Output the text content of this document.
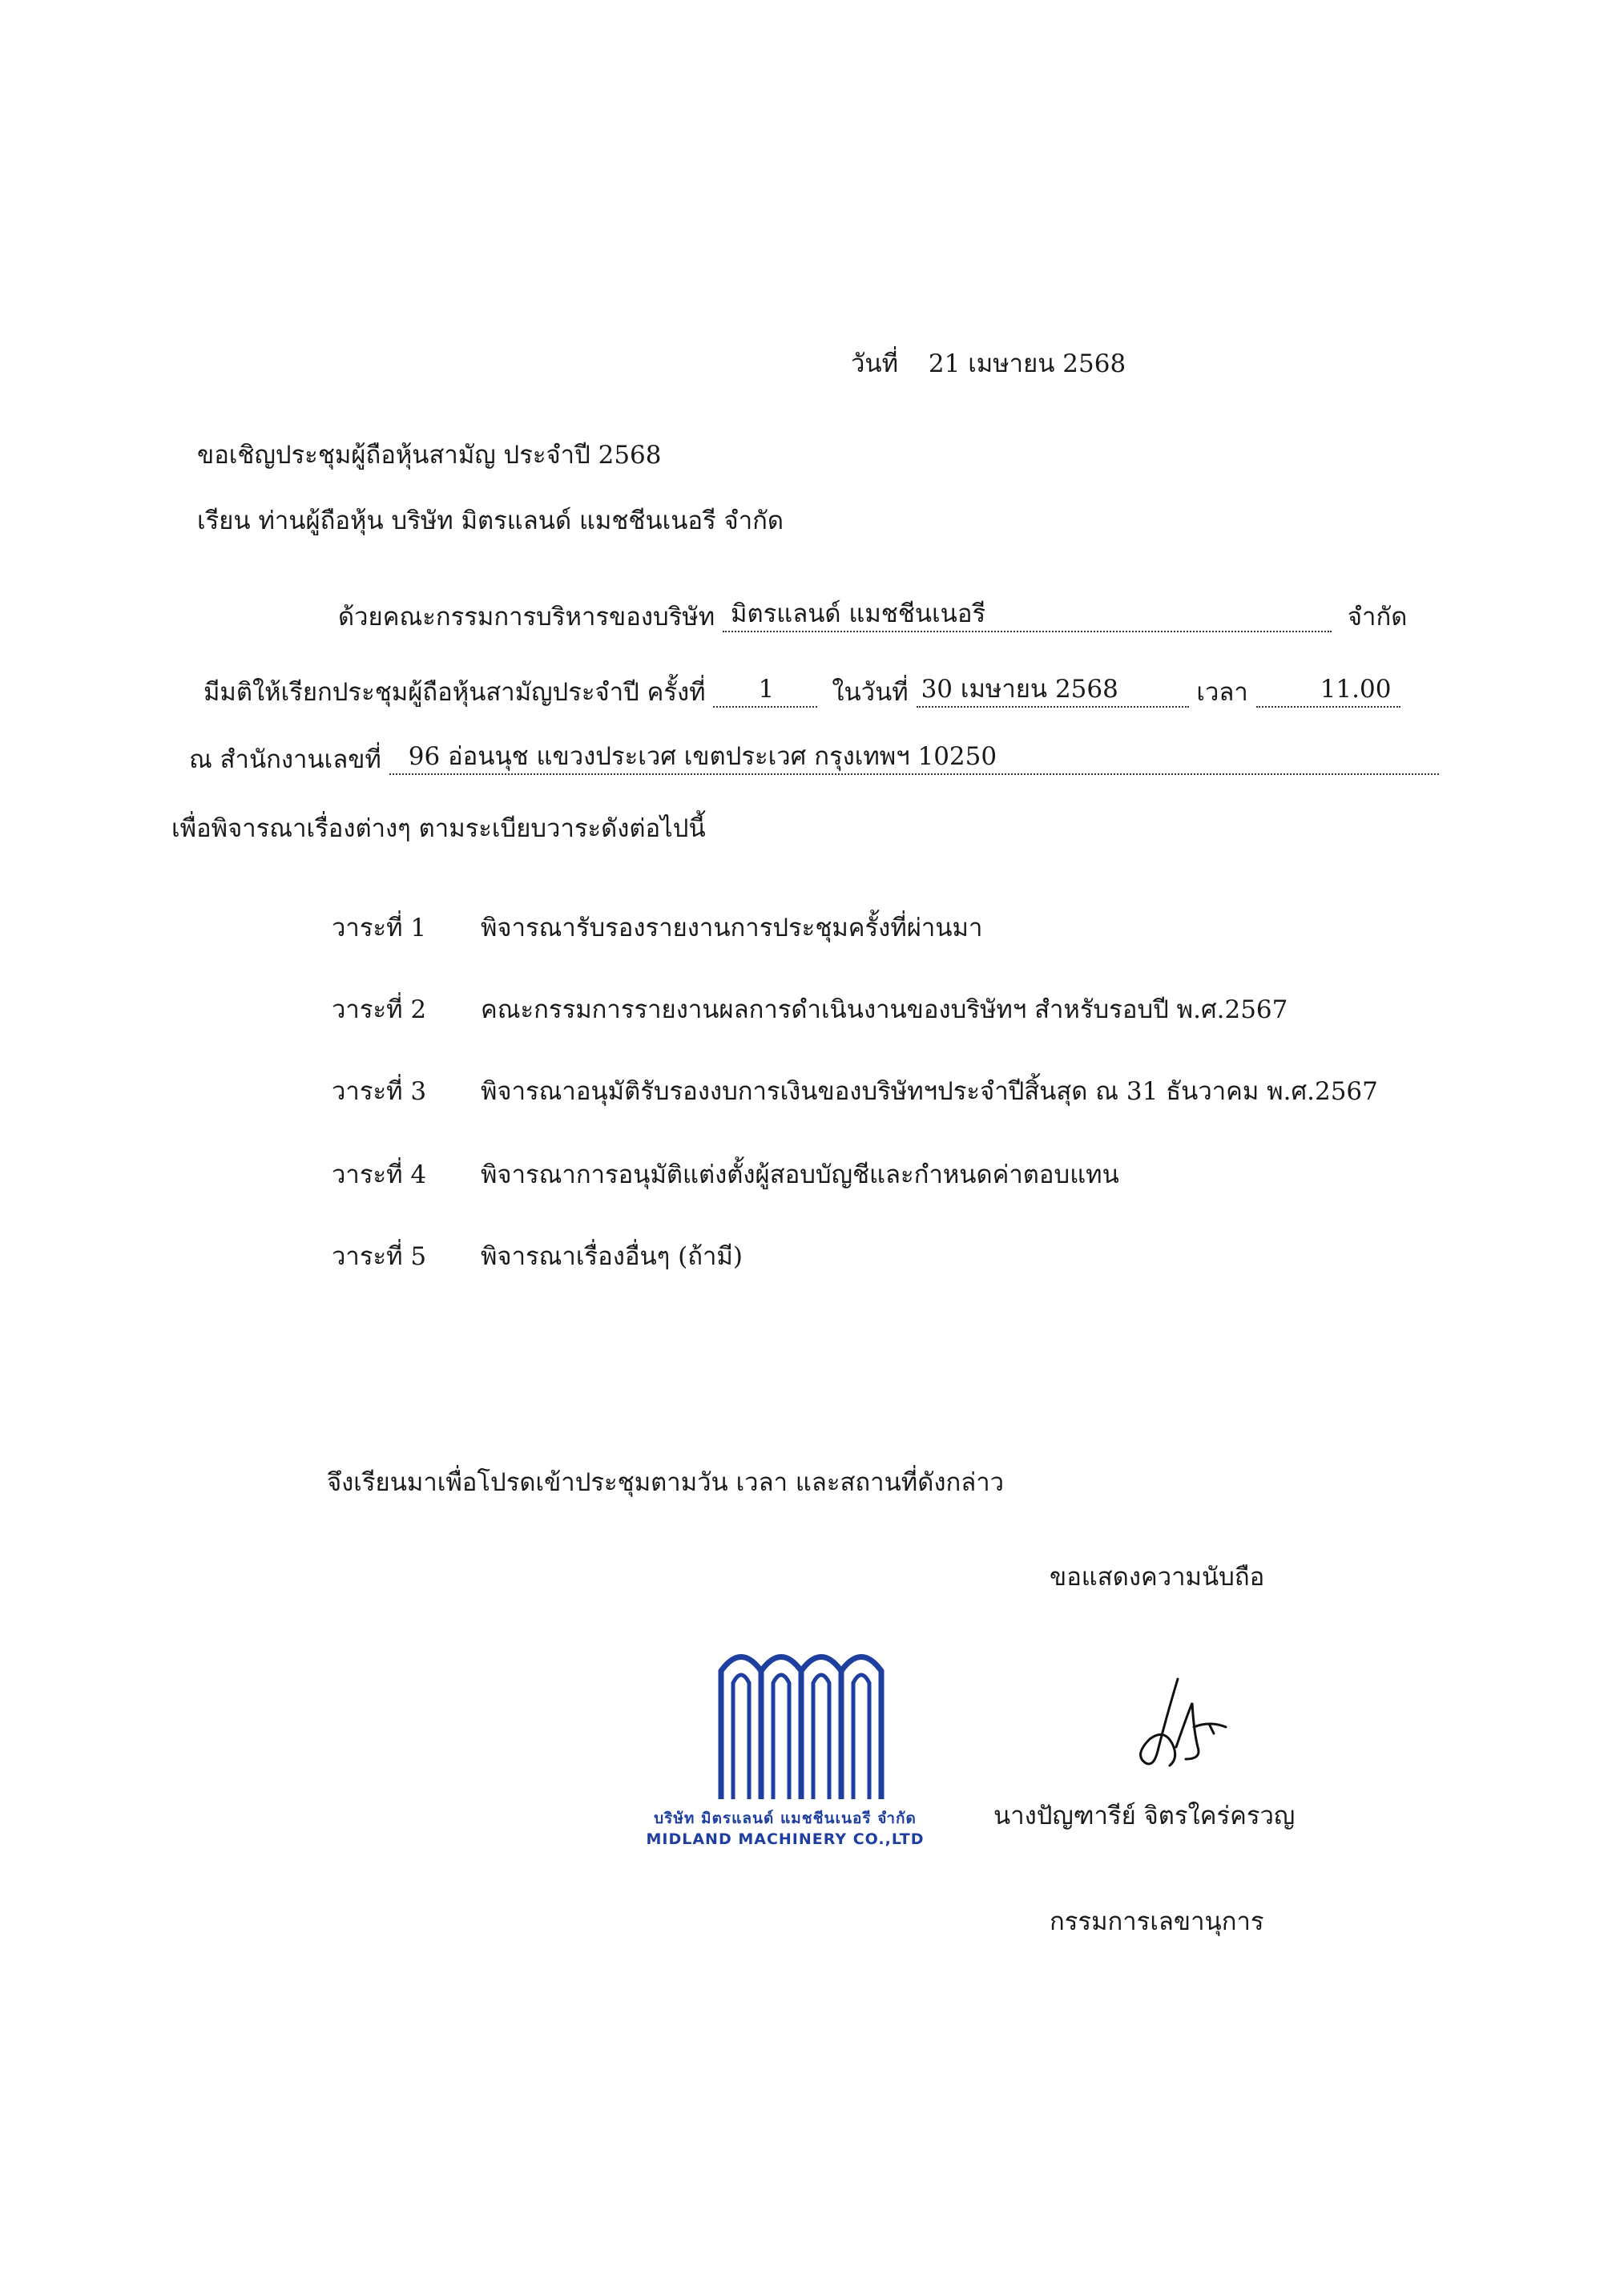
วันที่ 21 เมษายน 2568
ขอเชิญประชุมผู้ถือหุ้นสามัญ ประจำปี 2568
เรียน ท่านผู้ถือหุ้น บริษัท มิตรแลนด์ แมชชีนเนอรี จำกัด
ด้วยคณะกรรมการบริหารของบริษัท มิตรแลนด์ แมชชีนเนอรี	จำกัด
มีมติให้เรียกประชุมผู้ถือหุ้นสามัญประจำปี ครั้งที่ 1 ในวันที่ 30 เมษายน 2568	เวลา	11.00
ณ สำนักงานเลขที่ 96 อ่อนนุช แขวงประเวศ เขตประเวศ กรุงเทพฯ 10250
เพื่อพิจารณาเรื่องต่างๆ ตามระเบียบวาระดังต่อไปนี้
วาระที่ 1 พิจารณารับรองรายงานการประชุมครั้งที่ผ่านมา
วาระที่ 2 คณะกรรมการรายงานผลการดำเนินงานของบริษัทฯ สำหรับรอบปี พ.ศ.2567
วาระที่ 3 พิจารณาอนุมัติรับรองงบการเงินของบริษัทฯประจำปีสิ้นสุด ณ 31 ธันวาคม พ.ศ.2567
วาระที่ 4 พิจารณาการอนุมัติแต่งตั้งผู้สอบบัญชีและกำหนดค่าตอบแทน
วาระที่ 5 พิจารณาเรื่องอื่นๆ (ถ้ามี)
จึงเรียนมาเพื่อโปรดเข้าประชุมตามวัน เวลา และสถานที่ดังกล่าว
ขอแสดงความนับถือ
บริษัท มิตรแลนด์ แมชชีนเนอรี จำกัด
MIDLAND MACHINERY CO.,LTD
นางปัญฑารีย์ จิตรใคร่ครวญ
กรรมการเลขานุการ
